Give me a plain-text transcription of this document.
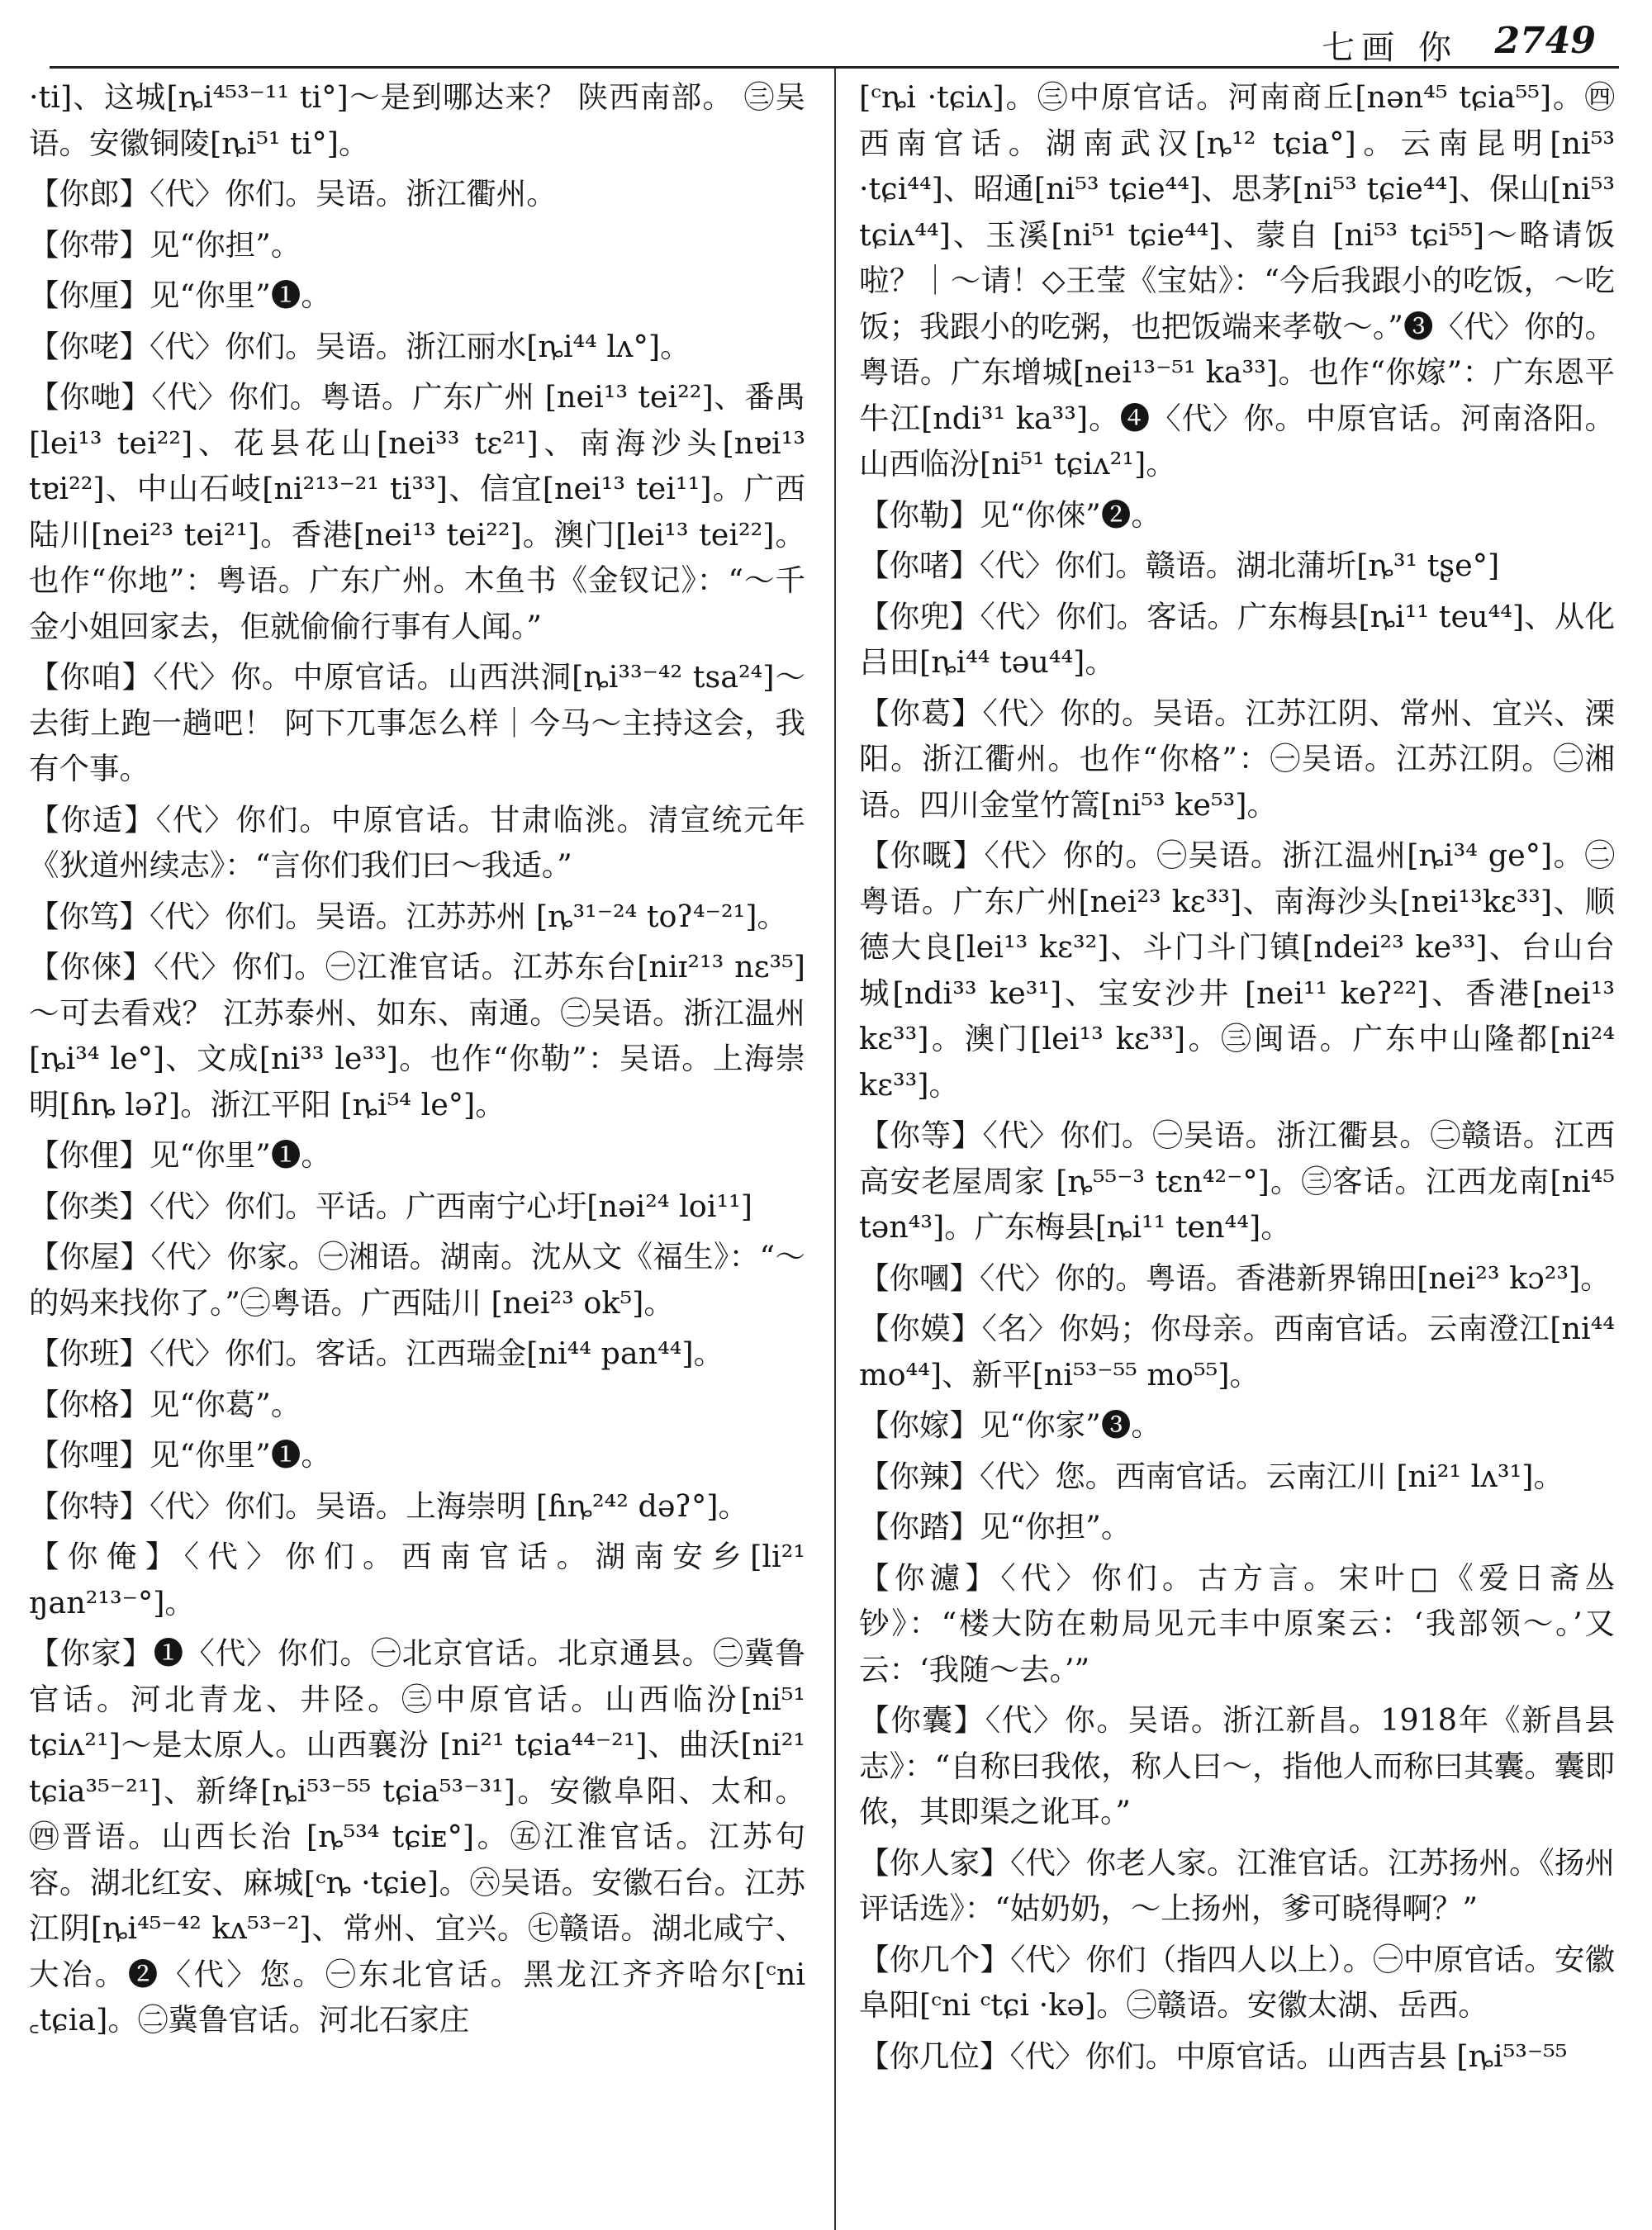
七画 你 2749

·ti]、这城[ȵi⁴⁵³⁻¹¹ ti°]～是到哪达来？ 陕西南部。 ㊂吴语。安徽铜陵[ȵi⁵¹ ti°]。

【你郎】〈代〉你们。吴语。浙江衢州。

【你带】见“你担”。

【你厘】见“你里”❶。

【你咾】〈代〉你们。吴语。浙江丽水[ȵi⁴⁴ lʌ°]。

【你哋】〈代〉你们。粤语。广东广州 [nei¹³ tei²²]、番禺[lei¹³ tei²²]、花县花山[nei³³ tɛ²¹]、南海沙头[nɐi¹³ tɐi²²]、中山石岐[ni²¹³⁻²¹ ti³³]、信宜[nei¹³ tei¹¹]。广西陆川[nei²³ tei²¹]。香港[nei¹³ tei²²]。澳门[lei¹³ tei²²]。也作“你地”：粤语。广东广州。木鱼书《金钗记》：“～千金小姐回家去，佢就偷偷行事有人闻。”

【你咱】〈代〉你。中原官话。山西洪洞[ȵi³³⁻⁴² tsa²⁴]～去街上跑一趟吧！ 阿下兀事怎么样｜今马～主持这会，我有个事。

【你适】〈代〉你们。中原官话。甘肃临洮。清宣统元年《狄道州续志》：“言你们我们曰～我适。”

【你笃】〈代〉你们。吴语。江苏苏州 [ȵ³¹⁻²⁴ toʔ⁴⁻²¹]。

【你倈】〈代〉你们。㊀江淮官话。江苏东台[niɪ²¹³ nɛ³⁵]～可去看戏？ 江苏泰州、如东、南通。㊁吴语。浙江温州[ȵi³⁴ le°]、文成[ni³³ le³³]。也作“你勒”：吴语。上海崇明[ɦȵ ləʔ]。浙江平阳 [ȵi⁵⁴ le°]。

【你俚】见“你里”❶。

【你类】〈代〉你们。平话。广西南宁心圩[nəi²⁴ loi¹¹]

【你屋】〈代〉你家。㊀湘语。湖南。沈从文《福生》：“～的妈来找你了。”㊁粤语。广西陆川 [nei²³ ok⁵]。

【你班】〈代〉你们。客话。江西瑞金[ni⁴⁴ pan⁴⁴]。

【你格】见“你葛”。

【你哩】见“你里”❶。

【你特】〈代〉你们。吴语。上海崇明 [ɦȵ²⁴² dəʔ°]。

【你俺】〈代〉你们。西南官话。湖南安乡[li²¹ ŋan²¹³⁻°]。

【你家】❶〈代〉你们。㊀北京官话。北京通县。㊁冀鲁官话。河北青龙、井陉。㊂中原官话。山西临汾[ni⁵¹ tɕiʌ²¹]～是太原人。山西襄汾 [ni²¹ tɕia⁴⁴⁻²¹]、曲沃[ni²¹ tɕia³⁵⁻²¹]、新绛[ȵi⁵³⁻⁵⁵ tɕia⁵³⁻³¹]。安徽阜阳、太和。㊃晋语。山西长治 [ȵ⁵³⁴ tɕiᴇ°]。㊄江淮官话。江苏句容。湖北红安、麻城[ᶜȵ ·tɕie]。㊅吴语。安徽石台。江苏江阴[ȵi⁴⁵⁻⁴² kʌ⁵³⁻²]、常州、宜兴。㊆赣语。湖北咸宁、大冶。❷〈代〉您。㊀东北官话。黑龙江齐齐哈尔[ᶜni ꜀tɕia]。㊁冀鲁官话。河北石家庄

[ᶜȵi ·tɕiʌ]。㊂中原官话。河南商丘[nən⁴⁵ tɕia⁵⁵]。㊃西南官话。湖南武汉[ȵ¹² tɕia°]。云南昆明[ni⁵³ ·tɕi⁴⁴]、昭通[ni⁵³ tɕie⁴⁴]、思茅[ni⁵³ tɕie⁴⁴]、保山[ni⁵³ tɕiʌ⁴⁴]、玉溪[ni⁵¹ tɕie⁴⁴]、蒙自 [ni⁵³ tɕi⁵⁵]～略请饭啦？｜～请！◇王莹《宝姑》：“今后我跟小的吃饭，～吃饭；我跟小的吃粥，也把饭端来孝敬～。”❸〈代〉你的。粤语。广东增城[nei¹³⁻⁵¹ ka³³]。也作“你嫁”：广东恩平牛江[ndi³¹ ka³³]。❹〈代〉你。中原官话。河南洛阳。山西临汾[ni⁵¹ tɕiʌ²¹]。

【你勒】见“你倈”❷。

【你啫】〈代〉你们。赣语。湖北蒲圻[ȵ³¹ tʂe°]

【你兜】〈代〉你们。客话。广东梅县[ȵi¹¹ teu⁴⁴]、从化吕田[ȵi⁴⁴ təu⁴⁴]。

【你葛】〈代〉你的。吴语。江苏江阴、常州、宜兴、溧阳。浙江衢州。也作“你格”：㊀吴语。江苏江阴。㊁湘语。四川金堂竹篙[ni⁵³ ke⁵³]。

【你嘅】〈代〉你的。㊀吴语。浙江温州[ȵi³⁴ ge°]。㊁粤语。广东广州[nei²³ kɛ³³]、南海沙头[nɐi¹³kɛ³³]、顺德大良[lei¹³ kɛ³²]、斗门斗门镇[ndei²³ ke³³]、台山台城[ndi³³ ke³¹]、宝安沙井 [nei¹¹ keʔ²²]、香港[nei¹³ kɛ³³]。澳门[lei¹³ kɛ³³]。㊂闽语。广东中山隆都[ni²⁴ kɛ³³]。

【你等】〈代〉你们。㊀吴语。浙江衢县。㊁赣语。江西高安老屋周家 [ȵ⁵⁵⁻³ tɛn⁴²⁻°]。㊂客话。江西龙南[ni⁴⁵ tən⁴³]。广东梅县[ȵi¹¹ ten⁴⁴]。

【你嘓】〈代〉你的。粤语。香港新界锦田[nei²³ kɔ²³]。

【你嫫】〈名〉你妈；你母亲。西南官话。云南澄江[ni⁴⁴ mo⁴⁴]、新平[ni⁵³⁻⁵⁵ mo⁵⁵]。

【你嫁】见“你家”❸。

【你辣】〈代〉您。西南官话。云南江川 [ni²¹ lʌ³¹]。

【你踏】见“你担”。

【你濾】〈代〉你们。古方言。宋叶□《爱日斋丛钞》：“楼大防在勅局见元丰中原案云：‘我部领～。’又云：‘我随～去。’”

【你囊】〈代〉你。吴语。浙江新昌。1918年《新昌县志》：“自称曰我侬，称人曰～，指他人而称曰其囊。囊即侬，其即渠之讹耳。”

【你人家】〈代〉你老人家。江淮官话。江苏扬州。《扬州评话选》：“姑奶奶，～上扬州，爹可晓得啊？”

【你几个】〈代〉你们（指四人以上）。㊀中原官话。安徽阜阳[ᶜni ᶜtɕi ·kə]。㊁赣语。安徽太湖、岳西。

【你几位】〈代〉你们。中原官话。山西吉县 [ȵi⁵³⁻⁵⁵
